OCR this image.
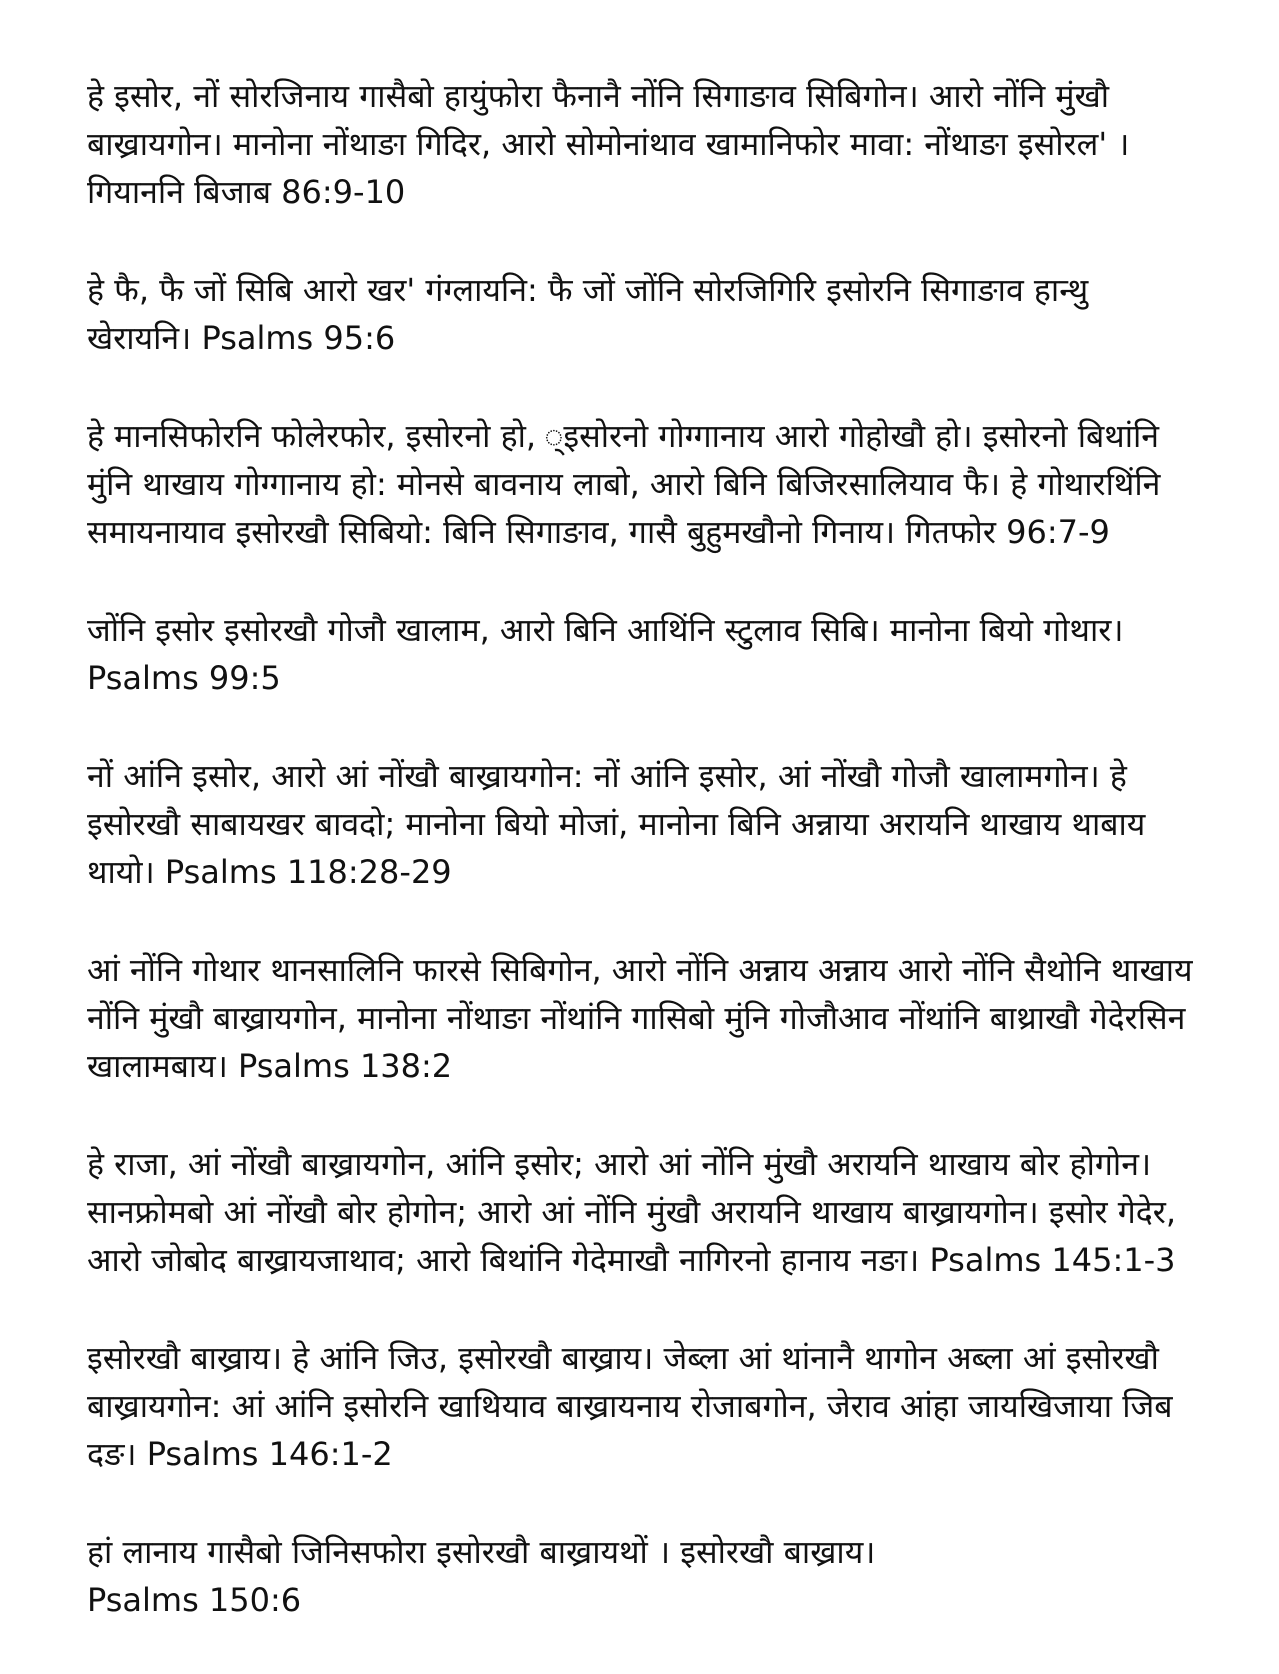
हे इसोर, नों सोरजिनाय गासैबो हायुंफोरा फैनानै नोंनि सिगाङाव सिबिगोन। आरो नोंनि मुंखौ बाख्रायगोन। मानोना नोंथाङा गिदिर, आरो सोमोनांथाव खामानिफोर मावा: नोंथाङा इसोरल' । गियाननि बिजाब 86:9-10

हे फै, फै जों सिबि आरो खर' गंग्लायनि: फै जों जोंनि सोरजिगिरि इसोरनि सिगाङाव हान्थु खेरायनि। Psalms 95:6

हे मानसिफोरनि फोलेरफोर, इसोरनो हो, ्इसोरनो गोग्गानाय आरो गोहोखौ हो। इसोरनो बिथांनि मुंनि थाखाय गोग्गानाय हो: मोनसे बावनाय लाबो, आरो बिनि बिजिरसालियाव फै। हे गोथारथिंनि समायनायाव इसोरखौ सिबियो: बिनि सिगाङाव, गासै बुहुमखौनो गिनाय। गितफोर 96:7-9

जोंनि इसोर इसोरखौ गोजौ खालाम, आरो बिनि आथिंनि स्टुलाव सिबि। मानोना बियो गोथार। Psalms 99:5

नों आंनि इसोर, आरो आं नोंखौ बाख्रायगोन: नों आंनि इसोर, आं नोंखौ गोजौ खालामगोन। हे इसोरखौ साबायखर बावदो; मानोना बियो मोजां, मानोना बिनि अन्नाया अरायनि थाखाय थाबाय थायो। Psalms 118:28-29

आं नोंनि गोथार थानसालिनि फारसे सिबिगोन, आरो नोंनि अन्नाय अन्नाय आरो नोंनि सैथोनि थाखाय नोंनि मुंखौ बाख्रायगोन, मानोना नोंथाङा नोंथांनि गासिबो मुंनि गोजौआव नोंथांनि बाथ्राखौ गेदेरसिन खालामबाय। Psalms 138:2

हे राजा, आं नोंखौ बाख्रायगोन, आंनि इसोर; आरो आं नोंनि मुंखौ अरायनि थाखाय बोर होगोन। सानफ्रोमबो आं नोंखौ बोर होगोन; आरो आं नोंनि मुंखौ अरायनि थाखाय बाख्रायगोन। इसोर गेदेर, आरो जोबोद बाख्रायजाथाव; आरो बिथांनि गेदेमाखौ नागिरनो हानाय नङा। Psalms 145:1-3

इसोरखौ बाख्राय। हे आंनि जिउ, इसोरखौ बाख्राय। जेब्ला आं थांनानै थागोन अब्ला आं इसोरखौ बाख्रायगोन: आं आंनि इसोरनि खाथियाव बाख्रायनाय रोजाबगोन, जेराव आंहा जायखिजाया जिब दङ। Psalms 146:1-2

हां लानाय गासैबो जिनिसफोरा इसोरखौ बाख्रायथों । इसोरखौ बाख्राय।
Psalms 150:6
